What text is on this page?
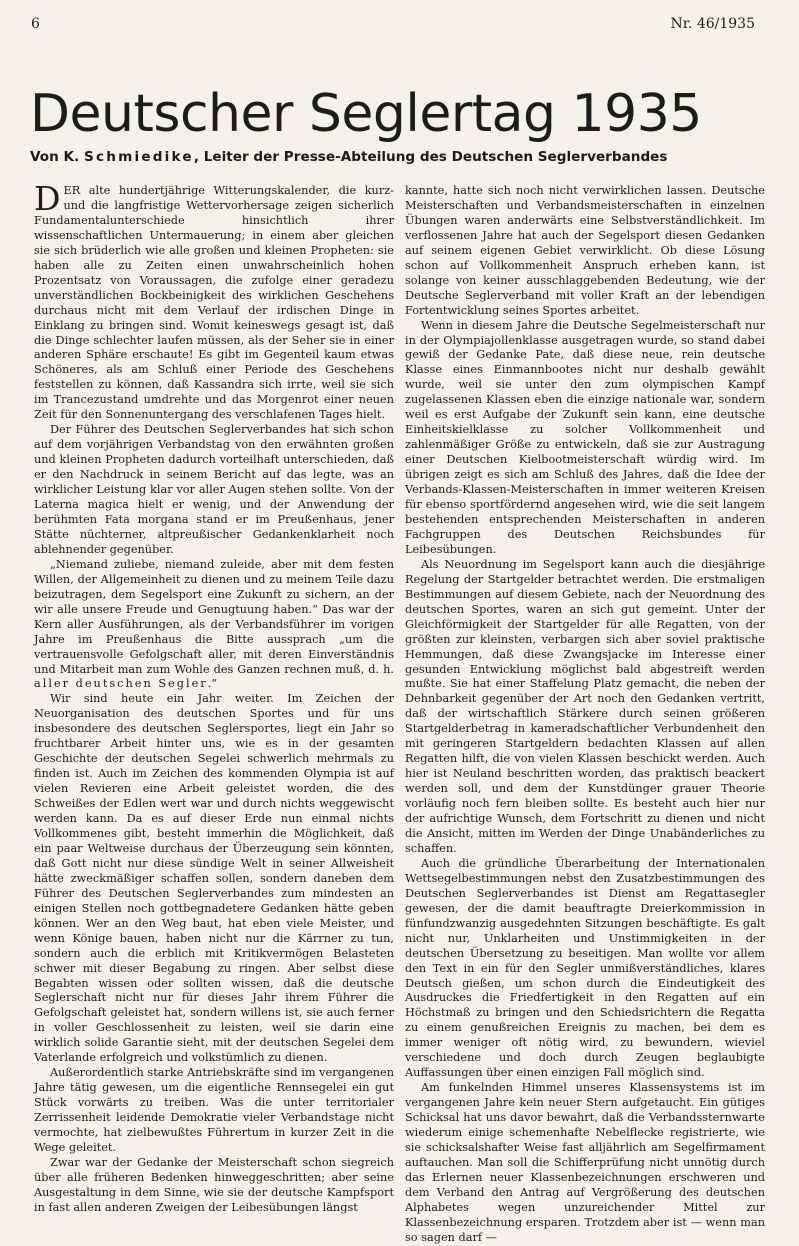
6	Nr. 46/1935
Deutscher Seglertag 1935

Von K. Schmiedike, Leiter der Presse-Abteilung des Deutschen Seglerverbandes

DER alte hundertjährige Witterungskalender, die kurz- und die langfristige Wettervorhersage zeigen sicherlich Fundamentalunterschiede hinsichtlich ihrer wissenschaftlichen Untermauerung; in einem aber gleichen sie sich brüderlich wie alle großen und kleinen Propheten: sie haben alle zu Zeiten einen unwahrscheinlich hohen Prozentsatz von Voraussagen, die zufolge einer geradezu unverständlichen Bockbeinigkeit des wirklichen Geschehens durchaus nicht mit dem Verlauf der irdischen Dinge in Einklang zu bringen sind. Womit keineswegs gesagt ist, daß die Dinge schlechter laufen müssen, als der Seher sie in einer anderen Sphäre erschaute! Es gibt im Gegenteil kaum etwas Schöneres, als am Schluß einer Periode des Geschehens feststellen zu können, daß Kassandra sich irrte, weil sie sich im Trancezustand umdrehte und das Morgenrot einer neuen Zeit für den Sonnenuntergang des verschlafenen Tages hielt.

Der Führer des Deutschen Seglerverbandes hat sich schon auf dem vorjährigen Verbandstag von den erwähnten großen und kleinen Propheten dadurch vorteilhaft unterschieden, daß er den Nachdruck in seinem Bericht auf das legte, was an wirklicher Leistung klar vor aller Augen stehen sollte. Von der Laterna magica hielt er wenig, und der Anwendung der berühmten Fata morgana stand er im Preußenhaus, jener Stätte nüchterner, altpreußischer Gedankenklarheit noch ablehnender gegenüber.

„Niemand zuliebe, niemand zuleide, aber mit dem festen Willen, der Allgemeinheit zu dienen und zu meinem Teile dazu beizutragen, dem Segelsport eine Zukunft zu sichern, an der wir alle unsere Freude und Genugtuung haben.“ Das war der Kern aller Ausführungen, als der Verbandsführer im vorigen Jahre im Preußenhaus die Bitte aussprach „um die vertrauensvolle Gefolgschaft aller, mit deren Einverständnis und Mitarbeit man zum Wohle des Ganzen rechnen muß, d. h. aller deutschen Segler.“

Wir sind heute ein Jahr weiter. Im Zeichen der Neuorganisation des deutschen Sportes und für uns insbesondere des deutschen Seglersportes, liegt ein Jahr so fruchtbarer Arbeit hinter uns, wie es in der gesamten Geschichte der deutschen Segelei schwerlich mehrmals zu finden ist. Auch im Zeichen des kommenden Olympia ist auf vielen Revieren eine Arbeit geleistet worden, die des Schweißes der Edlen wert war und durch nichts weggewischt werden kann. Da es auf dieser Erde nun einmal nichts Vollkommenes gibt, besteht immerhin die Möglichkeit, daß ein paar Weltweise durchaus der Überzeugung sein könnten, daß Gott nicht nur diese sündige Welt in seiner Allweisheit hätte zweckmäßiger schaffen sollen, sondern daneben dem Führer des Deutschen Seglerverbandes zum mindesten an einigen Stellen noch gottbegnadetere Gedanken hätte geben können. Wer an den Weg baut, hat eben viele Meister, und wenn Könige bauen, haben nicht nur die Kärrner zu tun, sondern auch die erblich mit Kritikvermögen Belasteten schwer mit dieser Begabung zu ringen. Aber selbst diese Begabten wissen oder sollten wissen, daß die deutsche Seglerschaft nicht nur für dieses Jahr ihrem Führer die Gefolgschaft geleistet hat, sondern willens ist, sie auch ferner in voller Geschlossenheit zu leisten, weil sie darin eine wirklich solide Garantie sieht, mit der deutschen Segelei dem Vaterlande erfolgreich und volkstümlich zu dienen.

Außerordentlich starke Antriebskräfte sind im vergangenen Jahre tätig gewesen, um die eigentliche Rennsegelei ein gut Stück vorwärts zu treiben. Was die unter territorialer Zerrissenheit leidende Demokratie vieler Verbandstage nicht vermochte, hat zielbewußtes Führertum in kurzer Zeit in die Wege geleitet.

Zwar war der Gedanke der Meisterschaft schon siegreich über alle früheren Bedenken hinweggeschritten; aber seine Ausgestaltung in dem Sinne, wie sie der deutsche Kampfsport in fast allen anderen Zweigen der Leibesübungen längst

kannte, hatte sich noch nicht verwirklichen lassen. Deutsche Meisterschaften und Verbandsmeisterschaften in einzelnen Übungen waren anderwärts eine Selbstverständlichkeit. Im verflossenen Jahre hat auch der Segelsport diesen Gedanken auf seinem eigenen Gebiet verwirklicht. Ob diese Lösung schon auf Vollkommenheit Anspruch erheben kann, ist solange von keiner ausschlaggebenden Bedeutung, wie der Deutsche Seglerverband mit voller Kraft an der lebendigen Fortentwicklung seines Sportes arbeitet.

Wenn in diesem Jahre die Deutsche Segelmeisterschaft nur in der Olympiajollenklasse ausgetragen wurde, so stand dabei gewiß der Gedanke Pate, daß diese neue, rein deutsche Klasse eines Einmannbootes nicht nur deshalb gewählt wurde, weil sie unter den zum olympischen Kampf zugelassenen Klassen eben die einzige nationale war, sondern weil es erst Aufgabe der Zukunft sein kann, eine deutsche Einheitskielklasse zu solcher Vollkommenheit und zahlenmäßiger Größe zu entwickeln, daß sie zur Austragung einer Deutschen Kielbootmeisterschaft würdig wird. Im übrigen zeigt es sich am Schluß des Jahres, daß die Idee der Verbands-Klassen-Meisterschaften in immer weiteren Kreisen für ebenso sportfördernd angesehen wird, wie die seit langem bestehenden entsprechenden Meisterschaften in anderen Fachgruppen des Deutschen Reichsbundes für Leibesübungen.

Als Neuordnung im Segelsport kann auch die diesjährige Regelung der Startgelder betrachtet werden. Die erstmaligen Bestimmungen auf diesem Gebiete, nach der Neuordnung des deutschen Sportes, waren an sich gut gemeint. Unter der Gleichförmigkeit der Startgelder für alle Regatten, von der größten zur kleinsten, verbargen sich aber soviel praktische Hemmungen, daß diese Zwangsjacke im Interesse einer gesunden Entwicklung möglichst bald abgestreift werden mußte. Sie hat einer Staffelung Platz gemacht, die neben der Dehnbarkeit gegenüber der Art noch den Gedanken vertritt, daß der wirtschaftlich Stärkere durch seinen größeren Startgelderbetrag in kameradschaftlicher Verbundenheit den mit geringeren Startgeldern bedachten Klassen auf allen Regatten hilft, die von vielen Klassen beschickt werden. Auch hier ist Neuland beschritten worden, das praktisch beackert werden soll, und dem der Kunstdünger grauer Theorie vorläufig noch fern bleiben sollte. Es besteht auch hier nur der aufrichtige Wunsch, dem Fortschritt zu dienen und nicht die Ansicht, mitten im Werden der Dinge Unabänderliches zu schaffen.

Auch die gründliche Überarbeitung der Internationalen Wettsegelbestimmungen nebst den Zusatzbestimmungen des Deutschen Seglerverbandes ist Dienst am Regattasegler gewesen, der die damit beauftragte Dreierkommission in fünfundzwanzig ausgedehnten Sitzungen beschäftigte. Es galt nicht nur, Unklarheiten und Unstimmigkeiten in der deutschen Übersetzung zu beseitigen. Man wollte vor allem den Text in ein für den Segler unmißverständliches, klares Deutsch gießen, um schon durch die Eindeutigkeit des Ausdruckes die Friedfertigkeit in den Regatten auf ein Höchstmaß zu bringen und den Schiedsrichtern die Regatta zu einem genußreichen Ereignis zu machen, bei dem es immer weniger oft nötig wird, zu bewundern, wieviel verschiedene und doch durch Zeugen beglaubigte Auffassungen über einen einzigen Fall möglich sind.

Am funkelnden Himmel unseres Klassensystems ist im vergangenen Jahre kein neuer Stern aufgetaucht. Ein gütiges Schicksal hat uns davor bewahrt, daß die Verbandssternwarte wiederum einige schemenhafte Nebelflecke registrierte, wie sie schicksalshafter Weise fast alljährlich am Segelfirmament auftauchen. Man soll die Schifferprüfung nicht unnötig durch das Erlernen neuer Klassenbezeichnungen erschweren und dem Verband den Antrag auf Vergrößerung des deutschen Alphabetes wegen unzureichender Mittel zur Klassenbezeichnung ersparen. Trotzdem aber ist — wenn man so sagen darf —
